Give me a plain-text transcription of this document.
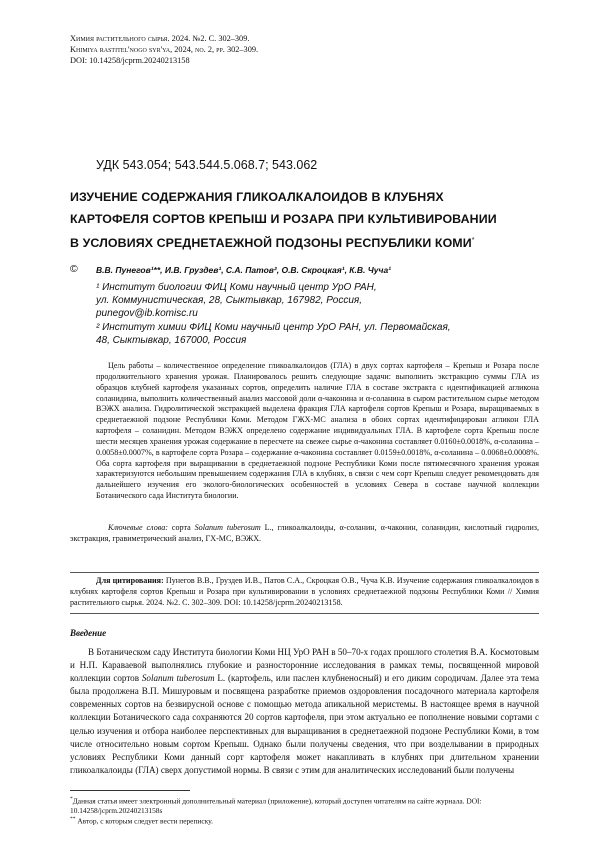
Химия растительного сырья. 2024. №2. С. 302–309.
Khimiya rastitel'nogo syr'ya, 2024, no. 2, pp. 302–309.
DOI: 10.14258/jcprm.20240213158
УДК 543.054; 543.544.5.068.7; 543.062
ИЗУЧЕНИЕ СОДЕРЖАНИЯ ГЛИКОАЛКАЛОИДОВ В КЛУБНЯХ
КАРТОФЕЛЯ СОРТОВ КРЕПЫШ И РОЗАРА ПРИ КУЛЬТИВИРОВАНИИ
В УСЛОВИЯХ СРЕДНЕТАЕЖНОЙ ПОДЗОНЫ РЕСПУБЛИКИ КОМИ*
© В.В. Пунегов¹**, И.В. Груздев¹, С.А. Патов², О.В. Скроцкая¹, К.В. Чуча¹
¹ Институт биологии ФИЦ Коми научный центр УрО РАН,
ул. Коммунистическая, 28, Сыктывкар, 167982, Россия,
punegov@ib.komisc.ru
² Институт химии ФИЦ Коми научный центр УрО РАН, ул. Первомайская,
48, Сыктывкар, 167000, Россия
Цель работы – количественное определение гликоалкалоидов (ГЛА) в двух сортах картофеля – Крепыш и Розара после продолжительного хранения урожая. Планировалось решить следующие задачи: выполнить экстракцию суммы ГЛА из образцов клубней картофеля указанных сортов, определить наличие ГЛА в составе экстракта с идентификацией агликона соланидина, выполнить количественный анализ массовой доли α-чаконина и α-соланина в сыром растительном сырье методом ВЭЖХ анализа. Гидролитической экстракцией выделена фракция ГЛА картофеля сортов Крепыш и Розара, выращиваемых в среднетаежной подзоне Республики Коми. Методом ГЖХ-МС анализа в обоих сортах идентифицирован агликон ГЛА картофеля – соланидин. Методом ВЭЖХ определено содержание индивидуальных ГЛА. В картофеле сорта Крепыш после шести месяцев хранения урожая содержание в пересчете на свежее сырье α-чаконина составляет 0.0160±0.0018%, α-соланина – 0.0058±0.0007%, в картофеле сорта Розара – содержание α-чаконина составляет 0.0159±0.0018%, α-соланина – 0.0068±0.0008%. Оба сорта картофеля при выращивании в среднетаежной подзоне Республики Коми после пятимесячного хранения урожая характеризуются небольшим превышением содержания ГЛА в клубнях, в связи с чем сорт Крепыш следует рекомендовать для дальнейшего изучения его эколого-биологических особенностей в условиях Севера в составе научной коллекции Ботанического сада Института биологии.
Ключевые слова: сорта Solanum tuberosum L., гликоалкалоиды, α-соланин, α-чаконин, соланидин, кислотный гидролиз, экстракция, гравиметрический анализ, ГХ-МС, ВЭЖХ.
Для цитирования: Пунегов В.В., Груздев И.В., Патов С.А., Скроцкая О.В., Чуча К.В. Изучение содержания гликоалкалоидов в клубнях картофеля сортов Крепыш и Розара при культивировании в условиях среднетаежной подзоны Республики Коми // Химия растительного сырья. 2024. №2. С. 302–309. DOI: 10.14258/jcprm.20240213158.
Введение
В Ботаническом саду Института биологии Коми НЦ УрО РАН в 50–70-х годах прошлого столетия В.А. Космотовым и Н.П. Каравaевой выполнялись глубокие и разносторонние исследования в рамках темы, посвященной мировой коллекции сортов Solanum tuberosum L. (картофель, или паслен клубненосный) и его диким сородичам. Далее эта тема была продолжена В.П. Мишуровым и посвящена разработке приемов оздоровления посадочного материала картофеля современных сортов на безвирусной основе с помощью метода апикальной меристемы. В настоящее время в научной коллекции Ботанического сада сохраняются 20 сортов картофеля, при этом актуально ее пополнение новыми сортами с целью изучения и отбора наиболее перспективных для выращивания в среднетаежной подзоне Республики Коми, в том числе относительно новым сортом Крепыш. Однако были получены сведения, что при возделывании в природных условиях Республики Коми данный сорт картофеля может накапливать в клубнях при длительном хранении гликоалкалоиды (ГЛА) сверх допустимой нормы. В связи с этим для аналитических исследований были получены
*Данная статья имеет электронный дополнительный материал (приложение), который доступен читателям на сайте журнала. DOI: 10.14258/jcprm.20240213158s
** Автор, с которым следует вести переписку.
